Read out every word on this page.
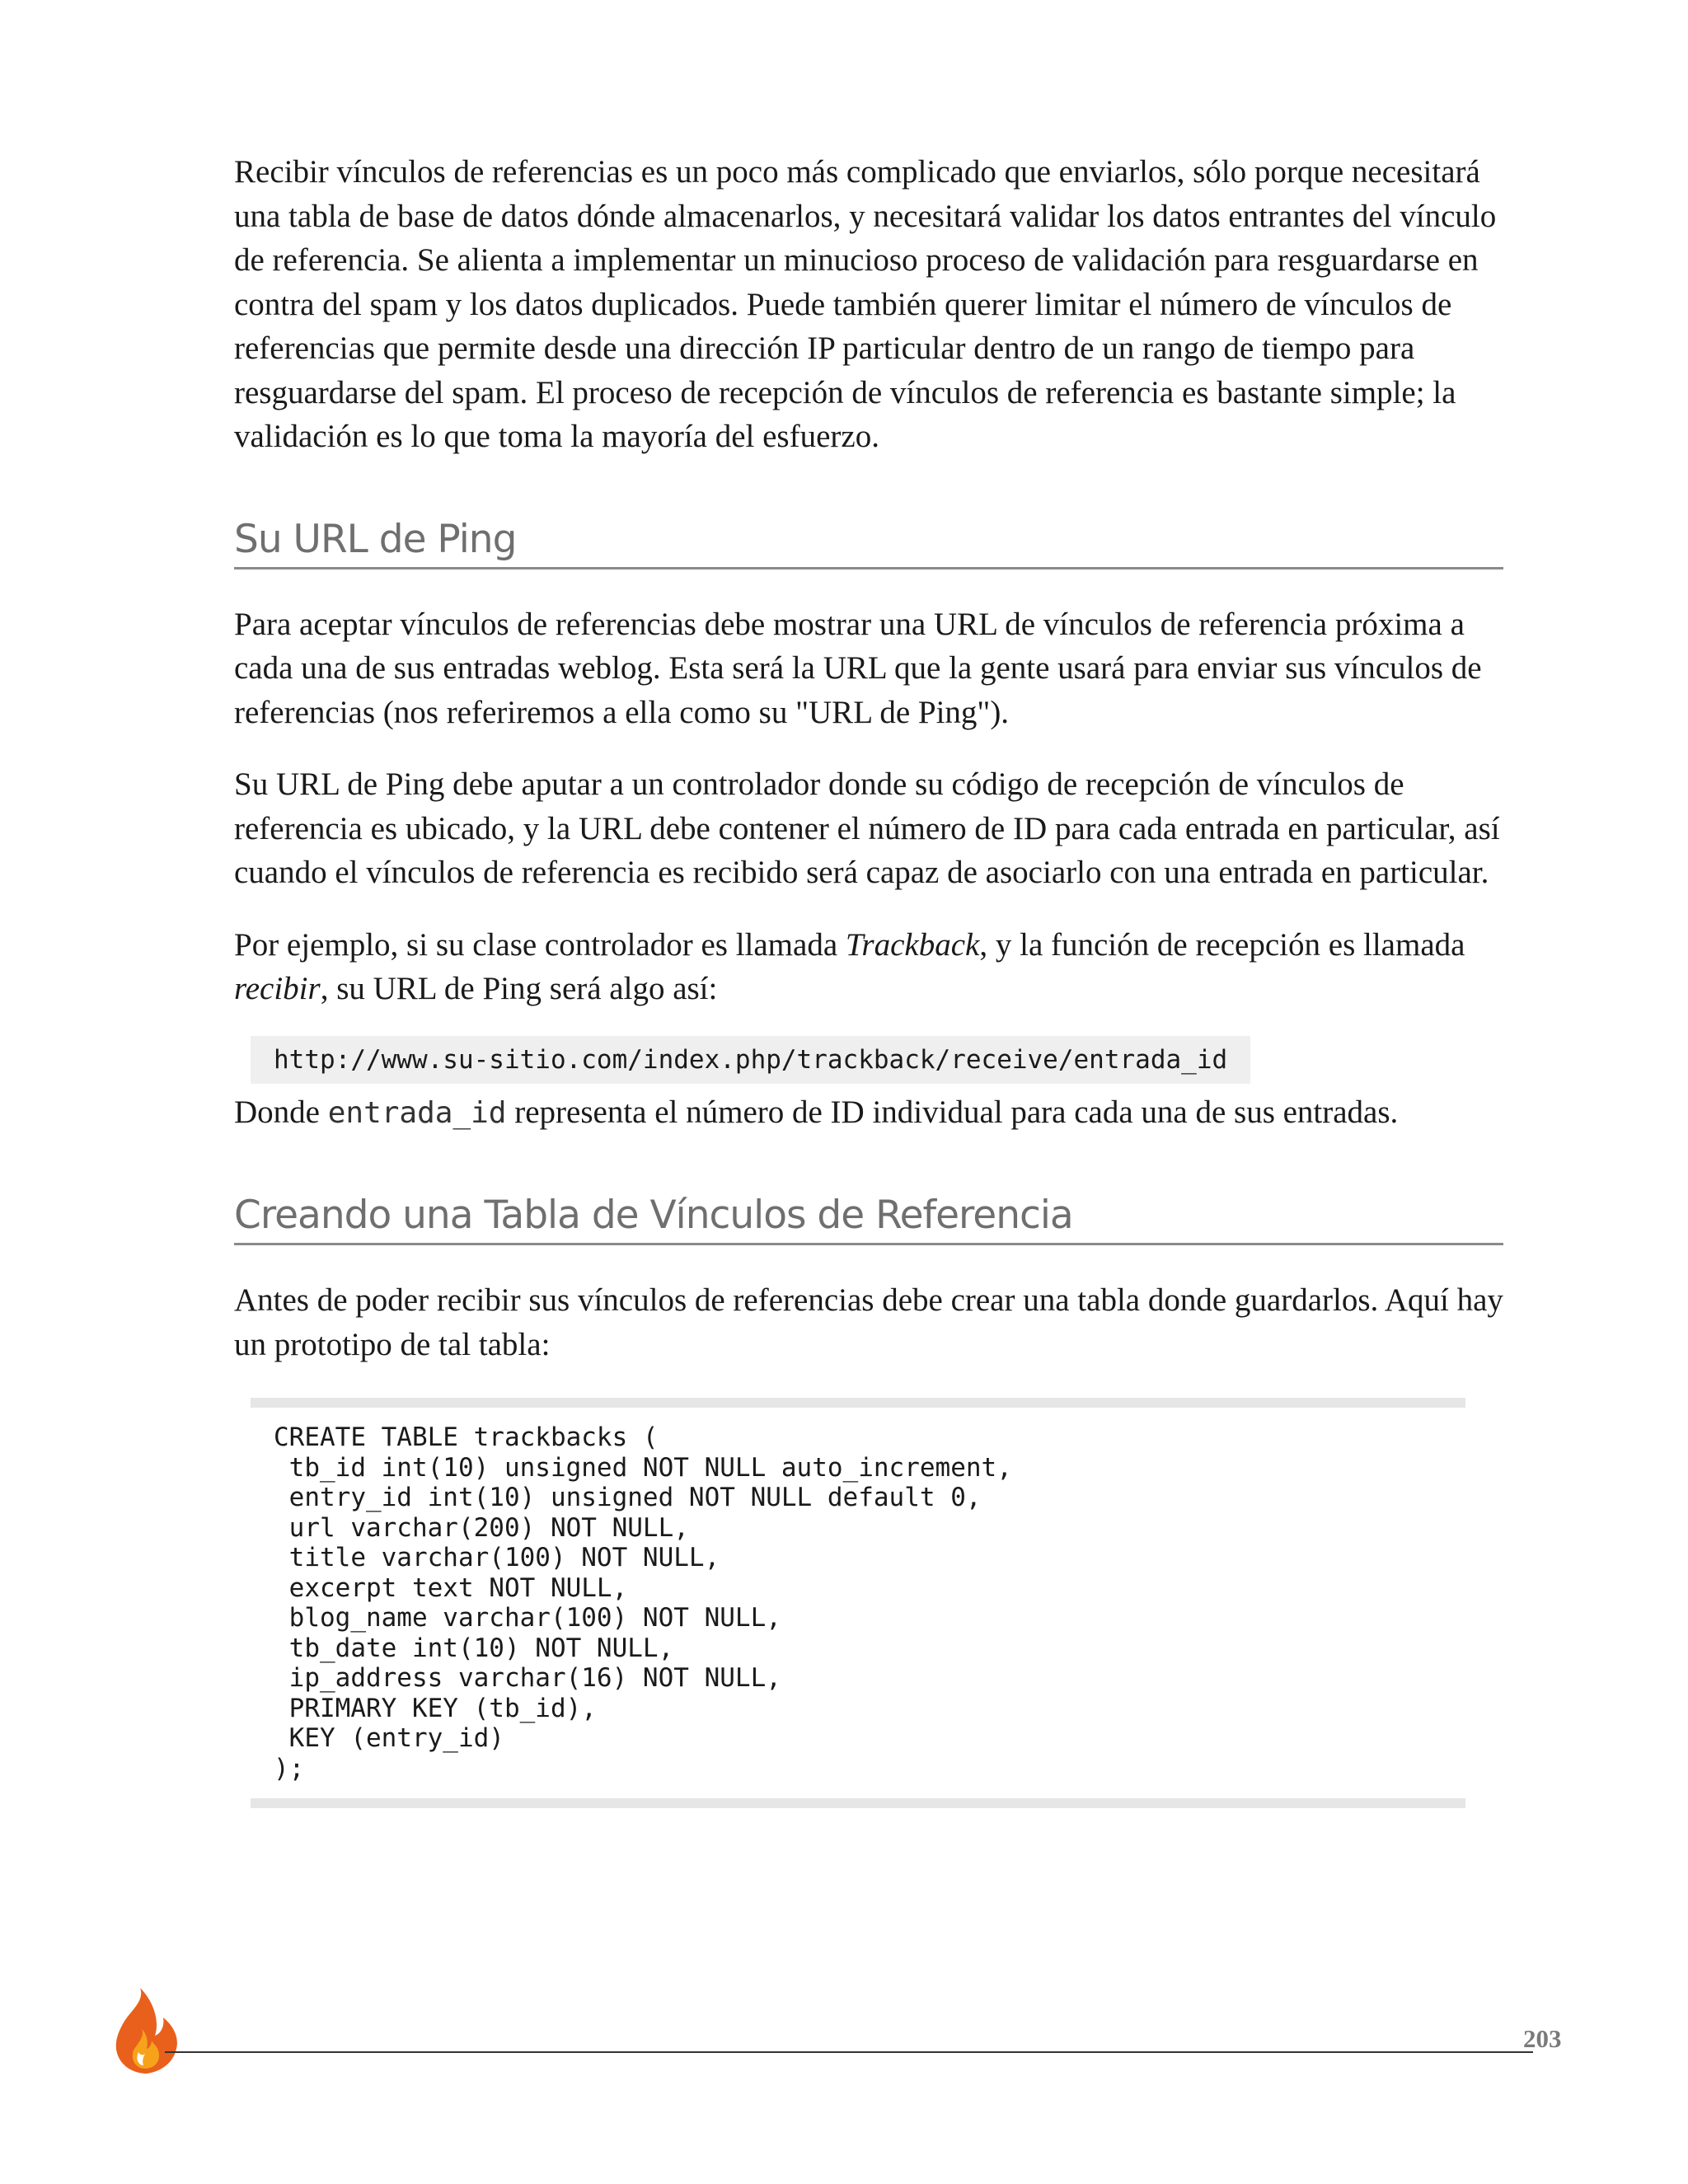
Recibir vínculos de referencias es un poco más complicado que enviarlos, sólo porque necesitará una tabla de base de datos dónde almacenarlos, y necesitará validar los datos entrantes del vínculo de referencia. Se alienta a implementar un minucioso proceso de validación para resguardarse en contra del spam y los datos duplicados. Puede también querer limitar el número de vínculos de referencias que permite desde una dirección IP particular dentro de un rango de tiempo para resguardarse del spam. El proceso de recepción de vínculos de referencia es bastante simple; la validación es lo que toma la mayoría del esfuerzo.

Su URL de Ping

Para aceptar vínculos de referencias debe mostrar una URL de vínculos de referencia próxima a cada una de sus entradas weblog. Esta será la URL que la gente usará para enviar sus vínculos de referencias (nos referiremos a ella como su "URL de Ping").

Su URL de Ping debe aputar a un controlador donde su código de recepción de vínculos de referencia es ubicado, y la URL debe contener el número de ID para cada entrada en particular, así cuando el vínculos de referencia es recibido será capaz de asociarlo con una entrada en particular.

Por ejemplo, si su clase controlador es llamada Trackback, y la función de recepción es llamada recibir, su URL de Ping será algo así:

http://www.su-sitio.com/index.php/trackback/receive/entrada_id

Donde entrada_id representa el número de ID individual para cada una de sus entradas.

Creando una Tabla de Vínculos de Referencia

Antes de poder recibir sus vínculos de referencias debe crear una tabla donde guardarlos. Aquí hay un prototipo de tal tabla:

CREATE TABLE trackbacks (
tb_id int(10) unsigned NOT NULL auto_increment,
entry_id int(10) unsigned NOT NULL default 0,
url varchar(200) NOT NULL,
title varchar(100) NOT NULL,
excerpt text NOT NULL,
blog_name varchar(100) NOT NULL,
tb_date int(10) NOT NULL,
ip_address varchar(16) NOT NULL,
PRIMARY KEY (tb_id),
KEY (entry_id)
);
203
